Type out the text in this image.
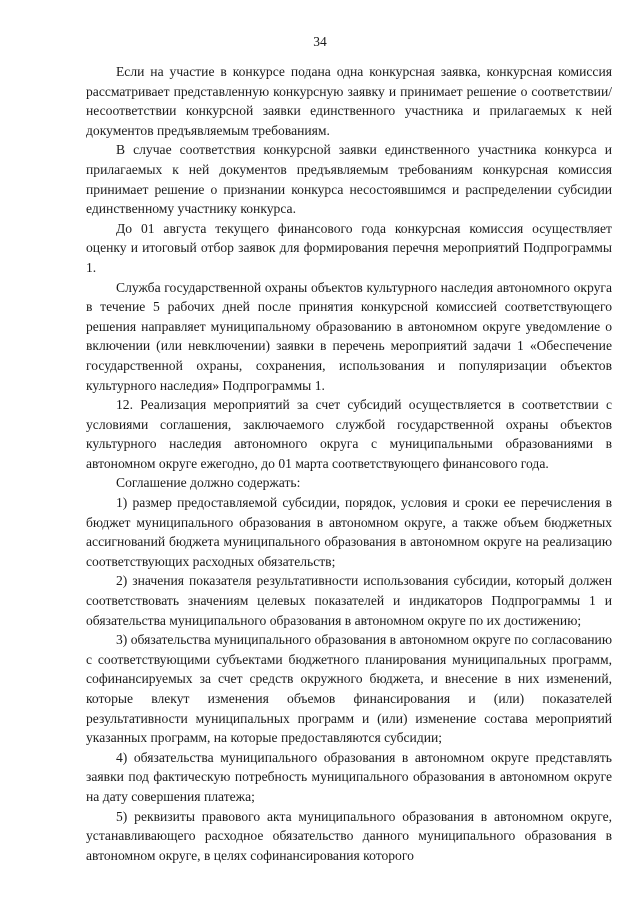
34

Если на участие в конкурсе подана одна конкурсная заявка, конкурсная комиссия рассматривает представленную конкурсную заявку и принимает решение о соответствии/несоответствии конкурсной заявки единственного участника и прилагаемых к ней документов предъявляемым требованиям.

В случае соответствия конкурсной заявки единственного участника конкурса и прилагаемых к ней документов предъявляемым требованиям конкурсная комиссия принимает решение о признании конкурса несостоявшимся и распределении субсидии единственному участнику конкурса.

До 01 августа текущего финансового года конкурсная комиссия осуществляет оценку и итоговый отбор заявок для формирования перечня мероприятий Подпрограммы 1.

Служба государственной охраны объектов культурного наследия автономного округа в течение 5 рабочих дней после принятия конкурсной комиссией соответствующего решения направляет муниципальному образованию в автономном округе уведомление о включении (или невключении) заявки в перечень мероприятий задачи 1 «Обеспечение государственной охраны, сохранения, использования и популяризации объектов культурного наследия» Подпрограммы 1.

12. Реализация мероприятий за счет субсидий осуществляется в соответствии с условиями соглашения, заключаемого службой государственной охраны объектов культурного наследия автономного округа с муниципальными образованиями в автономном округе ежегодно, до 01 марта соответствующего финансового года.

Соглашение должно содержать:

1) размер предоставляемой субсидии, порядок, условия и сроки ее перечисления в бюджет муниципального образования в автономном округе, а также объем бюджетных ассигнований бюджета муниципального образования в автономном округе на реализацию соответствующих расходных обязательств;

2) значения показателя результативности использования субсидии, который должен соответствовать значениям целевых показателей и индикаторов Подпрограммы 1 и обязательства муниципального образования в автономном округе по их достижению;

3) обязательства муниципального образования в автономном округе по согласованию с соответствующими субъектами бюджетного планирования муниципальных программ, софинансируемых за счет средств окружного бюджета, и внесение в них изменений, которые влекут изменения объемов финансирования и (или) показателей результативности муниципальных программ и (или) изменение состава мероприятий указанных программ, на которые предоставляются субсидии;

4) обязательства муниципального образования в автономном округе представлять заявки под фактическую потребность муниципального образования в автономном округе на дату совершения платежа;

5) реквизиты правового акта муниципального образования в автономном округе, устанавливающего расходное обязательство данного муниципального образования в автономном округе, в целях софинансирования которого
